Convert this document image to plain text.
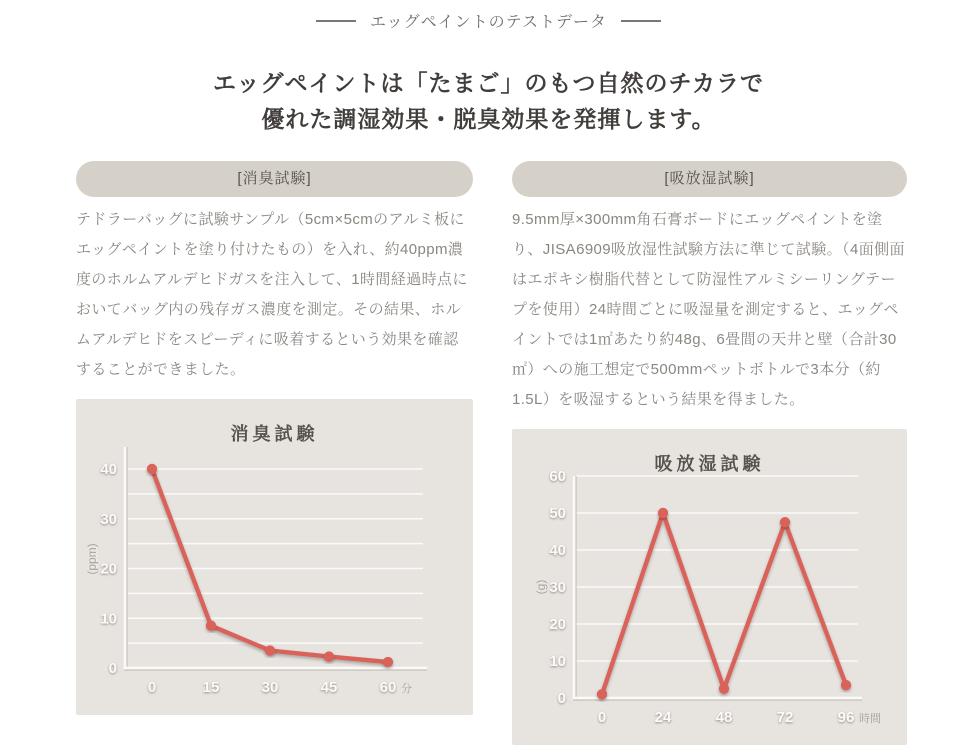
エッグペイントのテストデータ
エッグペイントは「たまご」のもつ自然のチカラで
優れた調湿効果・脱臭効果を発揮します。
[消臭試験]

テドラーバッグに試験サンプル（5cm×5cmのアルミ板にエッグペイントを塗り付けたもの）を入れ、約40ppm濃度のホルムアルデヒドガスを注入して、1時間経過時点においてバッグ内の残存ガス濃度を測定。その結果、ホルムアルデヒドをスピーディに吸着するという効果を確認することができました。

消臭試験
0
10
20
30
40
0	15	30	45	60 分
(ppm)
[吸放湿試験]

9.5mm厚×300mm角石膏ボードにエッグペイントを塗り、JISA6909吸放湿性試験方法に準じて試験。（4面側面はエポキシ樹脂代替として防湿性アルミシーリングテープを使用）24時間ごとに吸湿量を測定すると、エッグペイントでは1㎡あたり約48g、6畳間の天井と壁（合計30㎡）への施工想定で500mmペットボトルで3本分（約1.5L）を吸湿するという結果を得ました。

吸放湿試験
0
10
20
30
40
50
60
0	24	48	72	96 時間
(g)
